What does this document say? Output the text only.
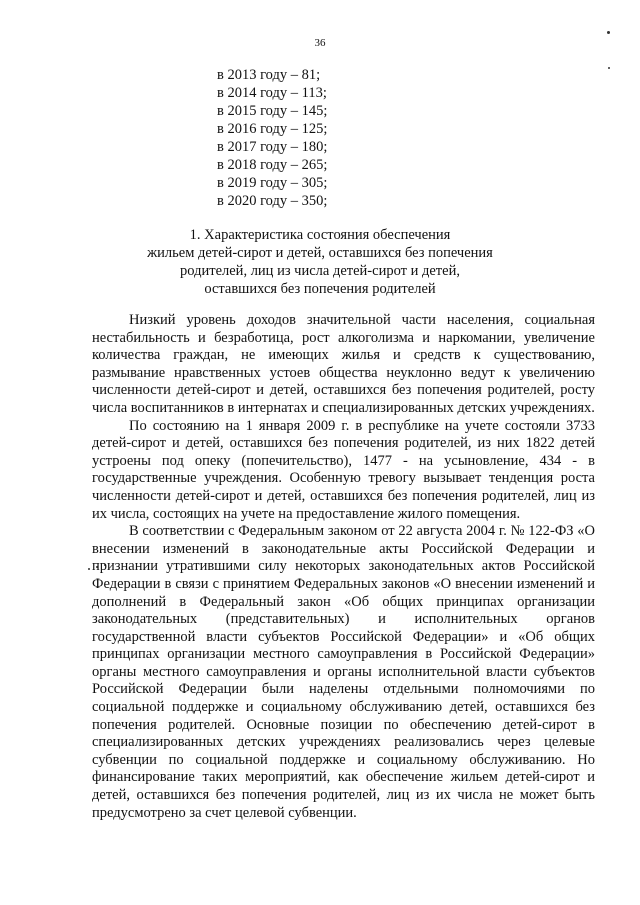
36
в 2013 году – 81;
в 2014 году – 113;
в 2015 году – 145;
в 2016 году – 125;
в 2017 году – 180;
в 2018 году – 265;
в 2019 году – 305;
в 2020 году – 350;
1. Характеристика состояния обеспечения
жильем детей-сирот и детей, оставшихся без попечения
родителей, лиц из числа детей-сирот и детей,
оставшихся без попечения родителей

Низкий уровень доходов значительной части населения, социальная нестабильность и безработица, рост алкоголизма и наркомании, увеличение количества граждан, не имеющих жилья и средств к существованию, размывание нравственных устоев общества неуклонно ведут к увеличению численности детей-сирот и детей, оставшихся без попечения родителей, росту числа воспитанников в интернатах и специализированных детских учреждениях.

По состоянию на 1 января 2009 г. в республике на учете состояли 3733 детей-сирот и детей, оставшихся без попечения родителей, из них 1822 детей устроены под опеку (попечительство), 1477 - на усыновление, 434 - в государственные учреждения. Особенную тревогу вызывает тенденция роста численности детей-сирот и детей, оставшихся без попечения родителей, лиц из их числа, состоящих на учете на предоставление жилого помещения.

В соответствии с Федеральным законом от 22 августа 2004 г. № 122-ФЗ «О внесении изменений в законодательные акты Российской Федерации и признании утратившими силу некоторых законодательных актов Российской Федерации в связи с принятием Федеральных законов «О внесении изменений и дополнений в Федеральный закон «Об общих принципах организации законодательных (представительных) и исполнительных органов государственной власти субъектов Российской Федерации» и «Об общих принципах организации местного самоуправления в Российской Федерации» органы местного самоуправления и органы исполнительной власти субъектов Российской Федерации были наделены отдельными полномочиями по социальной поддержке и социальному обслуживанию детей, оставшихся без попечения родителей. Основные позиции по обеспечению детей-сирот в специализированных детских учреждениях реализовались через целевые субвенции по социальной поддержке и социальному обслуживанию. Но финансирование таких мероприятий, как обеспечение жильем детей-сирот и детей, оставшихся без попечения родителей, лиц из их числа не может быть предусмотрено за счет целевой субвенции.
